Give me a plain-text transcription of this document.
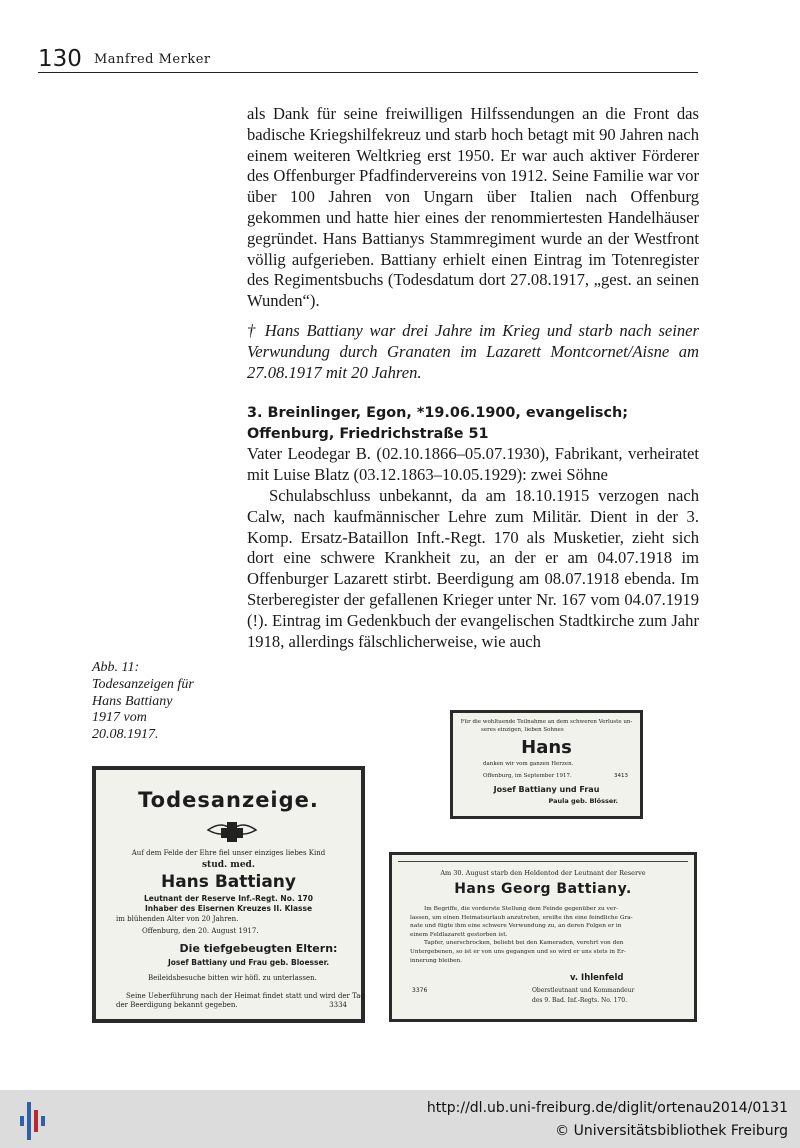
130 Manfred Merker
als Dank für seine freiwilligen Hilfssendungen an die Front das badische Kriegshilfekreuz und starb hoch betagt mit 90 Jahren nach einem weiteren Weltkrieg erst 1950. Er war auch aktiver Förderer des Offenburger Pfadfindervereins von 1912. Seine Familie war vor über 100 Jahren von Ungarn über Italien nach Offenburg gekommen und hatte hier eines der renommiertesten Handelhäuser gegründet. Hans Battianys Stammregiment wurde an der Westfront völlig aufgerieben. Battiany erhielt einen Eintrag im Totenregister des Regimentsbuchs (Todesdatum dort 27.08.1917, „gest. an seinen Wunden“).
† Hans Battiany war drei Jahre im Krieg und starb nach seiner Verwundung durch Granaten im Lazarett Montcornet/Aisne am 27.08.1917 mit 20 Jahren.
3. Breinlinger, Egon, *19.06.1900, evangelisch;
Offenburg, Friedrichstraße 51
Vater Leodegar B. (02.10.1866–05.07.1930), Fabrikant, verheiratet mit Luise Blatz (03.12.1863–10.05.1929): zwei Söhne
Schulabschluss unbekannt, da am 18.10.1915 verzogen nach Calw, nach kaufmännischer Lehre zum Militär. Dient in der 3. Komp. Ersatz-Bataillon Inft.-Regt. 170 als Musketier, zieht sich dort eine schwere Krankheit zu, an der er am 04.07.1918 im Offenburger Lazarett stirbt. Beerdigung am 08.07.1918 ebenda. Im Sterberegister der gefallenen Krieger unter Nr. 167 vom 04.07.1919 (!). Eintrag im Gedenkbuch der evangelischen Stadtkirche zum Jahr 1918, allerdings fälschlicherweise, wie auch
Abb. 11:
Todesanzeigen für
Hans Battiany
1917 vom
20.08.1917.
Todesanzeige.
Auf dem Felde der Ehre fiel unser einziges liebes Kind
stud. med.
Hans Battiany
Leutnant der Reserve Inf.-Regt. No. 170
Inhaber des Eisernen Kreuzes II. Klasse
im blühenden Alter von 20 Jahren.
Offenburg, den 20. August 1917.
Die tiefgebeugten Eltern:
Josef Battiany und Frau geb. Bloesser.
Beileidsbesuche bitten wir höfl. zu unterlassen.
Seine Ueberführung nach der Heimat findet statt und wird der Tag
der Beerdigung bekannt gegeben.	3334
Für die wohltuende Teilnahme an dem schweren Verluste un-
seres einzigen, lieben Sohnes
Hans
danken wir vom ganzen Herzen.
Offenburg, im September 1917.	3413
Josef Battiany und Frau
Paula geb. Blösser.
Am 30. August starb den Heldentod der Leutnant der Reserve
Hans Georg Battiany.
Im Begriffe, die vorderste Stellung dem Feinde gegenüber zu ver-
lassen, um einen Heimatsurlaub anzutreten, ereilte ihn eine feindliche Gra-
nate und fügte ihm eine schwere Verwundung zu, an deren Folgen er in
einem Feldlazarett gestorben ist.
Tapfer, unerschrocken, beliebt bei den Kameraden, verehrt von den
Untergebenen, so ist er von uns gegangen und so wird er uns stets in Er-
innerung bleiben.
v. Ihlenfeld
3376	Oberstleutnant und Kommandeur
des 9. Bad. Inf.-Regts. No. 170.
http://dl.ub.uni-freiburg.de/diglit/ortenau2014/0131
© Universitätsbibliothek Freiburg
